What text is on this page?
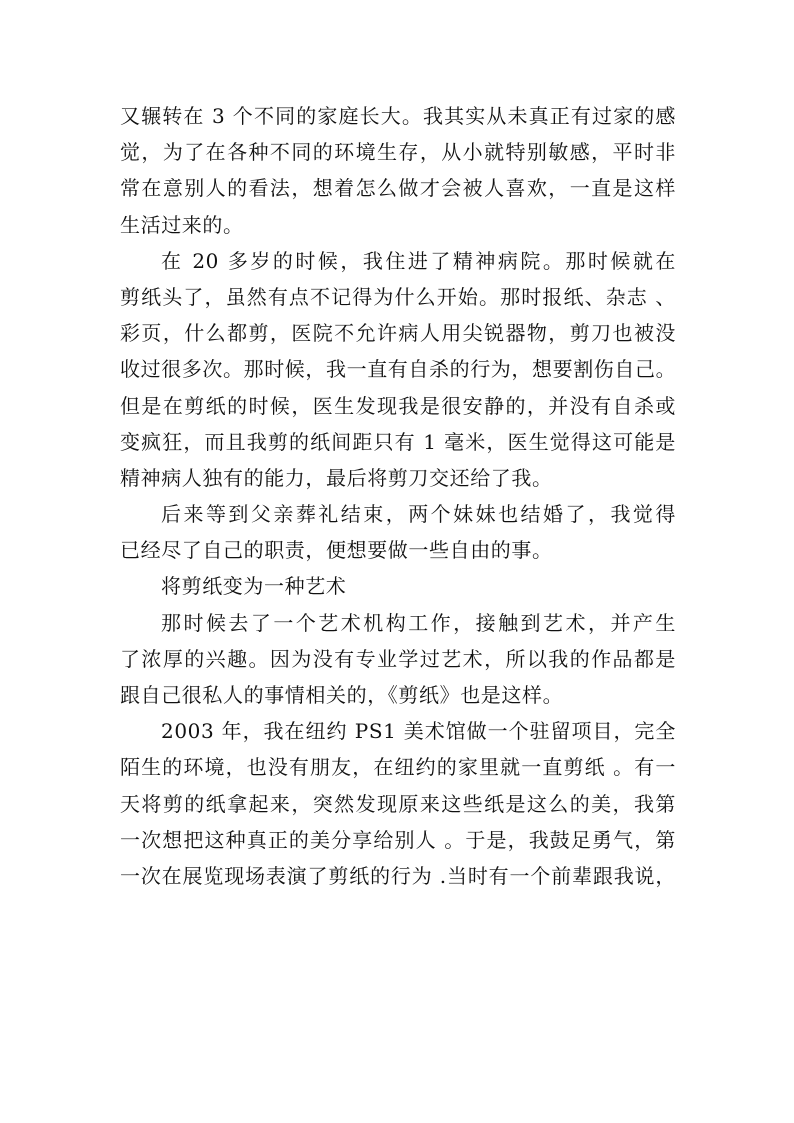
又辗转在 3 个不同的家庭长大。我其实从未真正有过家的感
觉，为了在各种不同的环境生存，从小就特别敏感，平时非
常在意别人的看法，想着怎么做才会被人喜欢，一直是这样
生活过来的。
在 20 多岁的时候，我住进了精神病院。那时候就在
剪纸头了，虽然有点不记得为什么开始。那时报纸、杂志 、
彩页，什么都剪，医院不允许病人用尖锐器物，剪刀也被没
收过很多次。那时候，我一直有自杀的行为，想要割伤自己。
但是在剪纸的时候，医生发现我是很安静的，并没有自杀或
变疯狂，而且我剪的纸间距只有 1 毫米，医生觉得这可能是
精神病人独有的能力，最后将剪刀交还给了我。
后来等到父亲葬礼结束，两个妹妹也结婚了，我觉得
已经尽了自己的职责，便想要做一些自由的事。
将剪纸变为一种艺术
那时候去了一个艺术机构工作，接触到艺术，并产生
了浓厚的兴趣。因为没有专业学过艺术，所以我的作品都是
跟自己很私人的事情相关的，《剪纸》也是这样。
2003 年，我在纽约 PS1 美术馆做一个驻留项目，完全
陌生的环境，也没有朋友，在纽约的家里就一直剪纸 。有一
天将剪的纸拿起来，突然发现原来这些纸是这么的美，我第
一次想把这种真正的美分享给别人 。于是，我鼓足勇气，第
一次在展览现场表演了剪纸的行为 .当时有一个前辈跟我说，
